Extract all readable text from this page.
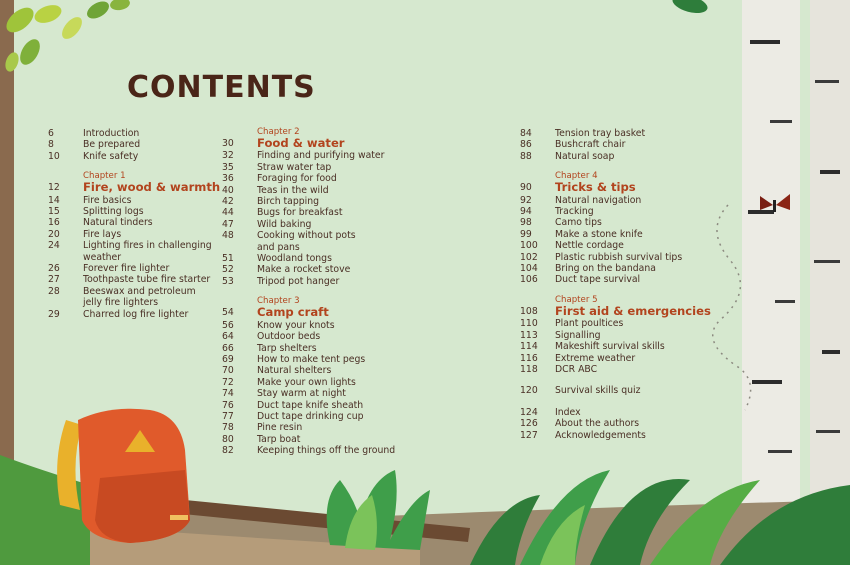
CONTENTS
6	Introduction
8	Be prepared
10 Knife safety
12
Chapter 1
Fire, wood & warmth
14 Fire basics
15 Splitting logs
16 Natural tinders
20 Fire lays
24 Lighting fires in challenging
weather
26 Forever fire lighter
27 Toothpaste tube fire starter
28 Beeswax and petroleum
jelly fire lighters
29 Charred log fire lighter
30
Chapter 2
Food & water
32 Finding and purifying water
35 Straw water tap
36 Foraging for food
40 Teas in the wild
42 Birch tapping
44 Bugs for breakfast
47 Wild baking
48 Cooking without pots
and pans
51 Woodland tongs
52 Make a rocket stove
53 Tripod pot hanger
54
Chapter 3
Camp craft
56 Know your knots
64 Outdoor beds
66 Tarp shelters
69 How to make tent pegs
70 Natural shelters
72 Make your own lights
74 Stay warm at night
76 Duct tape knife sheath
77 Duct tape drinking cup
78 Pine resin
80 Tarp boat
82 Keeping things off the ground
84 Tension tray basket
86 Bushcraft chair
88 Natural soap
90
Chapter 4
Tricks & tips
92 Natural navigation
94 Tracking
98 Camo tips
99 Make a stone knife
100 Nettle cordage
102 Plastic rubbish survival tips
104 Bring on the bandana
106 Duct tape survival
108
Chapter 5
First aid & emergencies
110 Plant poultices
113 Signalling
114 Makeshift survival skills
116 Extreme weather
118 DCR ABC
120 Survival skills quiz
124 Index
126 About the authors
127 Acknowledgements
